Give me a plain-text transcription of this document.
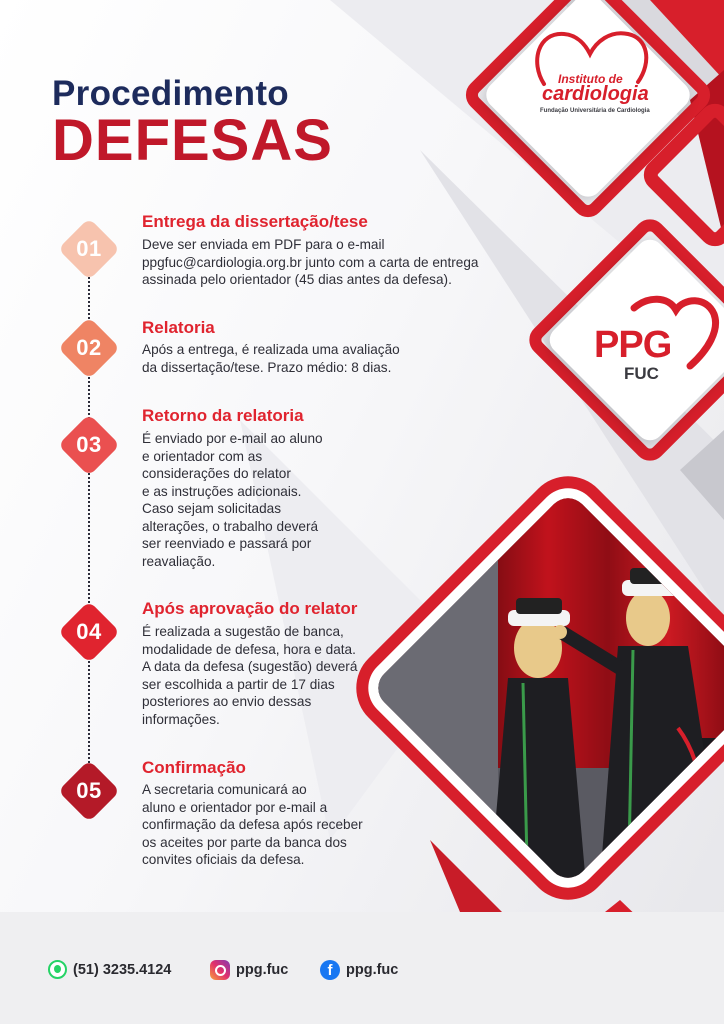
Instituto de
cardiologia
Fundação Universitária de Cardiologia
PPG
FUC
Procedimento
DEFESAS
01
Entrega da dissertação/tese
Deve ser enviada em PDF para o e-mail
ppgfuc@cardiologia.org.br junto com a carta de entrega
assinada pelo orientador (45 dias antes da defesa).
02
Relatoria
Após a entrega, é realizada uma avaliação
da dissertação/tese. Prazo médio: 8 dias.
03
Retorno da relatoria
É enviado por e-mail ao aluno
e orientador com as
considerações do relator
e as instruções adicionais.
Caso sejam solicitadas
alterações, o trabalho deverá
ser reenviado e passará por
reavaliação.
04
Após aprovação do relator
É realizada a sugestão de banca,
modalidade de defesa, hora e data.
A data da defesa (sugestão) deverá
ser escolhida a partir de 17 dias
posteriores ao envio dessas
informações.
05
Confirmação
A secretaria comunicará ao
aluno e orientador por e-mail a
confirmação da defesa após receber
os aceites por parte da banca dos
convites oficiais da defesa.
(51) 3235.4124	ppg.fuc	f ppg.fuc
